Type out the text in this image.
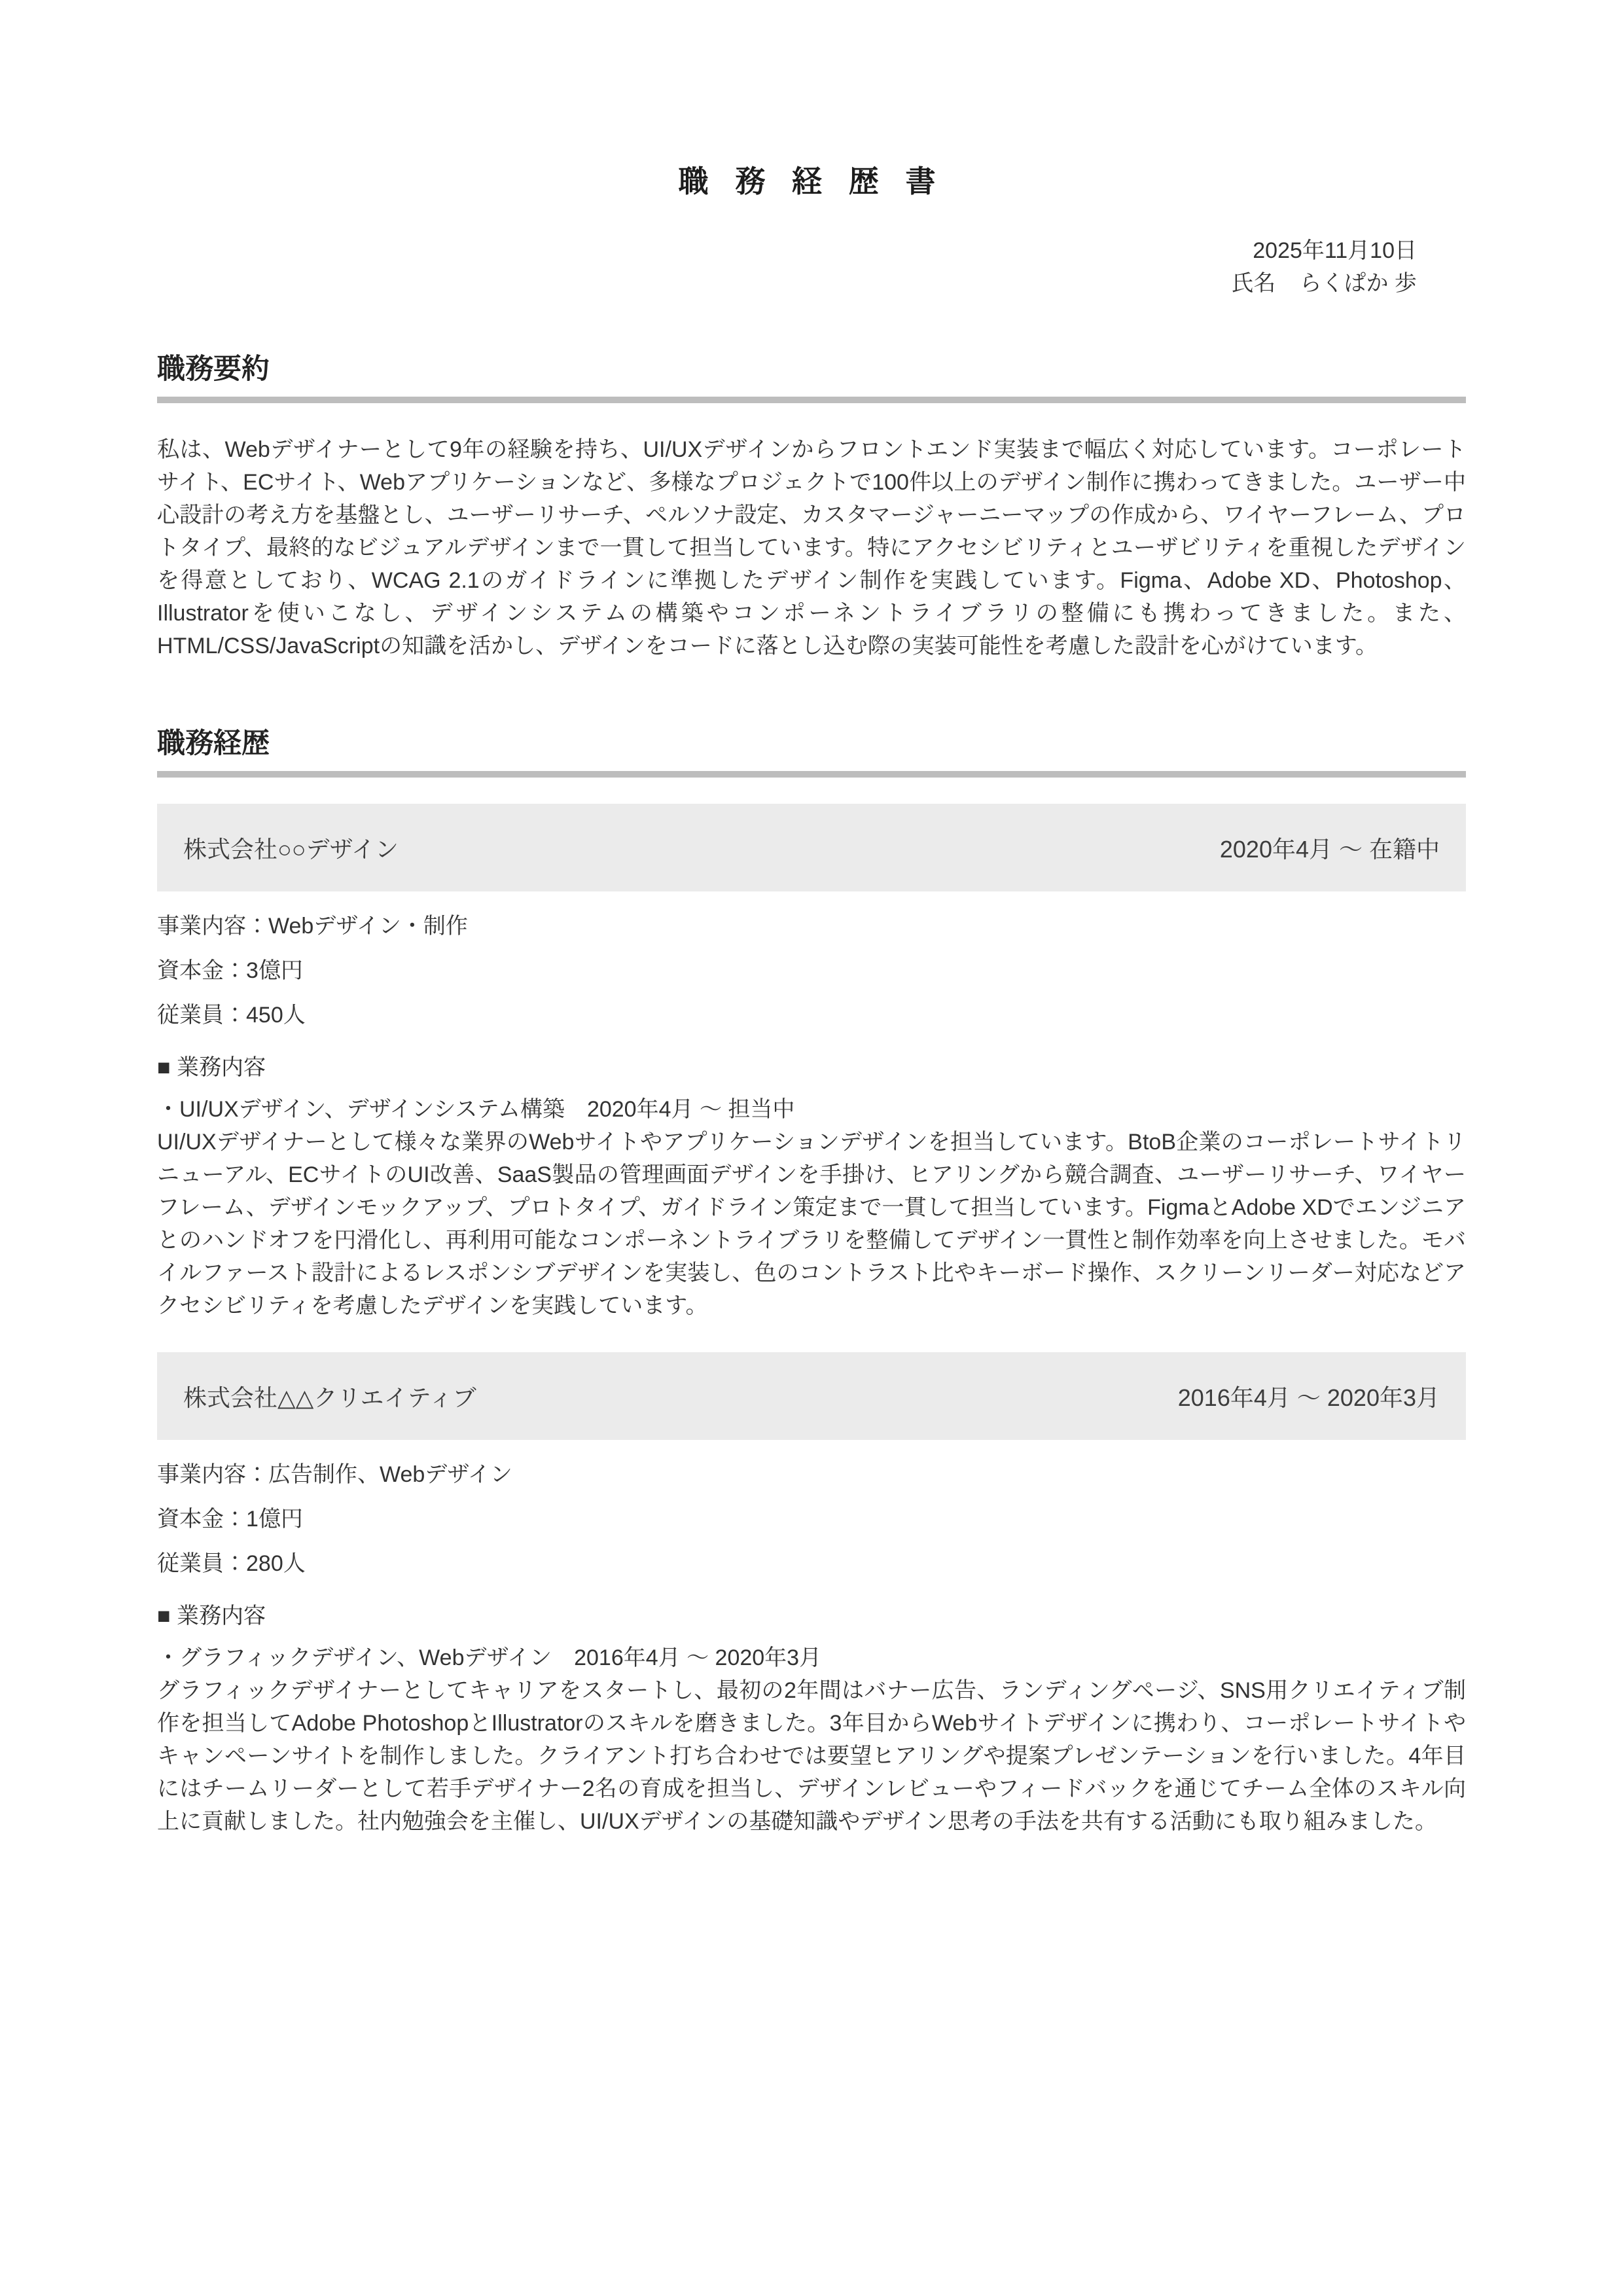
職 務 経 歴 書
2025年11月10日
氏名 らくぱか 歩
職務要約

私は、Webデザイナーとして9年の経験を持ち、UI/UXデザインからフロントエンド実装まで幅広く対応しています。コーポレートサイト、ECサイト、Webアプリケーションなど、多様なプロジェクトで100件以上のデザイン制作に携わってきました。ユーザー中心設計の考え方を基盤とし、ユーザーリサーチ、ペルソナ設定、カスタマージャーニーマップの作成から、ワイヤーフレーム、プロトタイプ、最終的なビジュアルデザインまで一貫して担当しています。特にアクセシビリティとユーザビリティを重視したデザインを得意としており、WCAG 2.1のガイドラインに準拠したデザイン制作を実践しています。Figma、Adobe XD、Photoshop、Illustratorを使いこなし、デザインシステムの構築やコンポーネントライブラリの整備にも携わってきました。また、HTML/CSS/JavaScriptの知識を活かし、デザインをコードに落とし込む際の実装可能性を考慮した設計を心がけています。

職務経歴
株式会社○○デザイン	2020年4月 〜 在籍中

事業内容：Webデザイン・制作

資本金：3億円

従業員：450人

■ 業務内容

・UI/UXデザイン、デザインシステム構築　2020年4月 〜 担当中

UI/UXデザイナーとして様々な業界のWebサイトやアプリケーションデザインを担当しています。BtoB企業のコーポレートサイトリニューアル、ECサイトのUI改善、SaaS製品の管理画面デザインを手掛け、ヒアリングから競合調査、ユーザーリサーチ、ワイヤーフレーム、デザインモックアップ、プロトタイプ、ガイドライン策定まで一貫して担当しています。FigmaとAdobe XDでエンジニアとのハンドオフを円滑化し、再利用可能なコンポーネントライブラリを整備してデザイン一貫性と制作効率を向上させました。モバイルファースト設計によるレスポンシブデザインを実装し、色のコントラスト比やキーボード操作、スクリーンリーダー対応などアクセシビリティを考慮したデザインを実践しています。

株式会社△△クリエイティブ	2016年4月 〜 2020年3月

事業内容：広告制作、Webデザイン

資本金：1億円

従業員：280人

■ 業務内容

・グラフィックデザイン、Webデザイン　2016年4月 〜 2020年3月

グラフィックデザイナーとしてキャリアをスタートし、最初の2年間はバナー広告、ランディングページ、SNS用クリエイティブ制作を担当してAdobe PhotoshopとIllustratorのスキルを磨きました。3年目からWebサイトデザインに携わり、コーポレートサイトやキャンペーンサイトを制作しました。クライアント打ち合わせでは要望ヒアリングや提案プレゼンテーションを行いました。4年目にはチームリーダーとして若手デザイナー2名の育成を担当し、デザインレビューやフィードバックを通じてチーム全体のスキル向上に貢献しました。社内勉強会を主催し、UI/UXデザインの基礎知識やデザイン思考の手法を共有する活動にも取り組みました。
